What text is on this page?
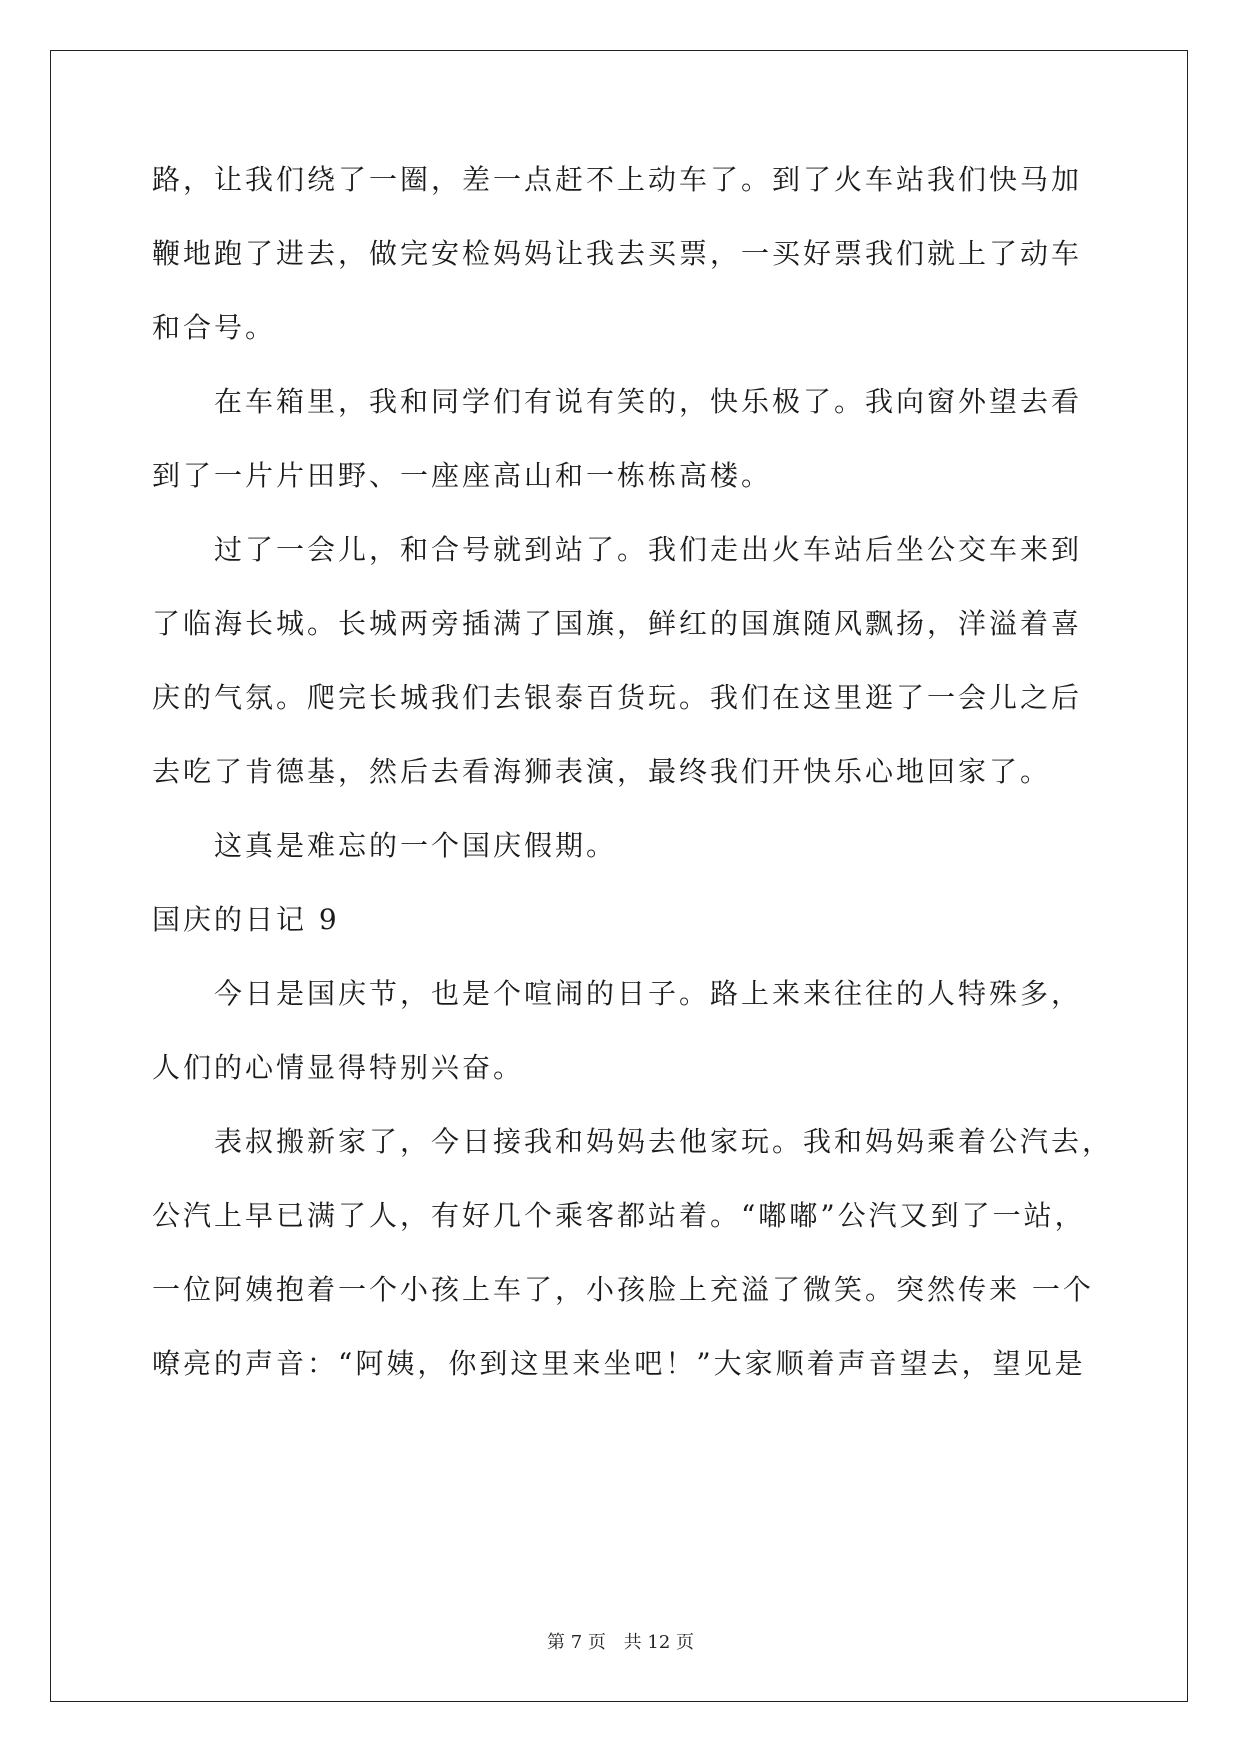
路，让我们绕了一圈，差一点赶不上动车了。到了火车站我们快马加
鞭地跑了进去，做完安检妈妈让我去买票，一买好票我们就上了动车
和合号。
在车箱里，我和同学们有说有笑的，快乐极了。我向窗外望去看
到了一片片田野、一座座高山和一栋栋高楼。
过了一会儿，和合号就到站了。我们走出火车站后坐公交车来到
了临海长城。长城两旁插满了国旗，鲜红的国旗随风飘扬，洋溢着喜
庆的气氛。爬完长城我们去银泰百货玩。我们在这里逛了一会儿之后
去吃了肯德基，然后去看海狮表演，最终我们开快乐心地回家了。
这真是难忘的一个国庆假期。
国庆的日记 9
今日是国庆节，也是个喧闹的日子。路上来来往往的人特殊多，
人们的心情显得特别兴奋。
表叔搬新家了，今日接我和妈妈去他家玩。我和妈妈乘着公汽去，
公汽上早已满了人，有好几个乘客都站着。“嘟嘟”公汽又到了一站，
一位阿姨抱着一个小孩上车了，小孩脸上充溢了微笑。突然传来 一个
嘹亮的声音：“阿姨，你到这里来坐吧！”大家顺着声音望去，望见是
第 7 页 共 12 页
